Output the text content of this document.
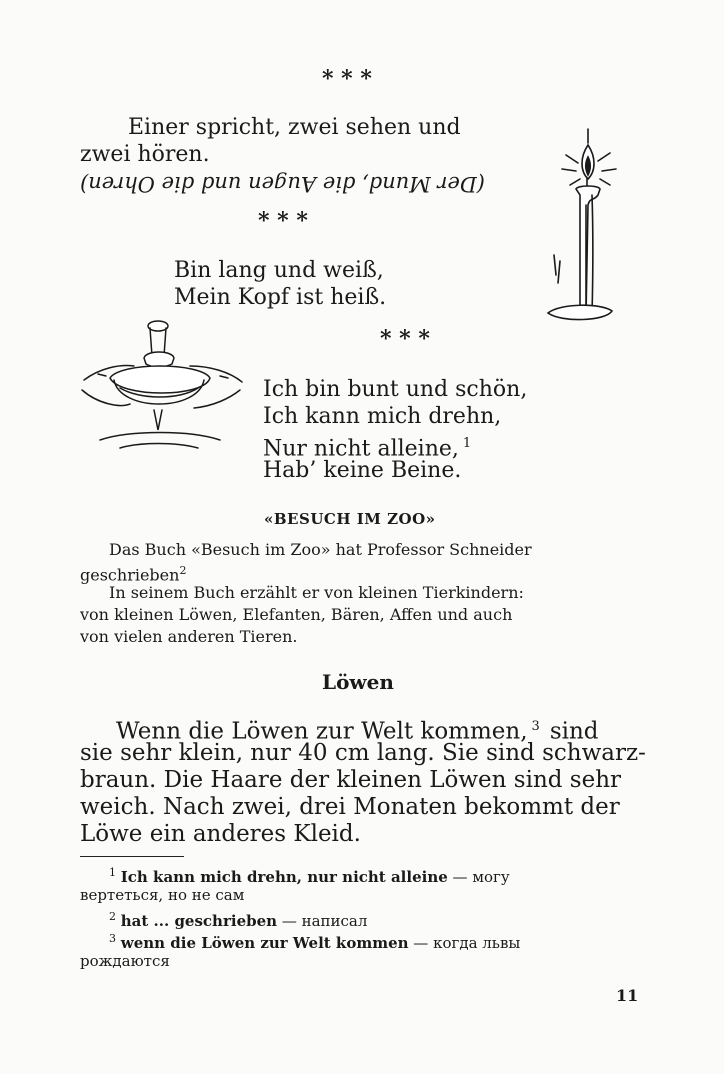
* * *
Einer spricht, zwei sehen und
zwei hören.
(Der Mund, die Augen und die Ohren)
* * *
Bin lang und weiß,
Mein Kopf ist heiß.
* * *
Ich bin bunt und schön,
Ich kann mich drehn,
Nur nicht alleine, $^1$
Hab’ keine Beine.
«BESUCH IM ZOO»
Das Buch «Besuch im Zoo» hat Professor Schneider
geschrieben$^2$
In seinem Buch erzählt er von kleinen Tierkindern:
von kleinen Löwen, Elefanten, Bären, Affen und auch
von vielen anderen Tieren.
Löwen
Wenn die Löwen zur Welt kommen, $^3$ sind
sie sehr klein, nur 40 cm lang. Sie sind schwarz-
braun. Die Haare der kleinen Löwen sind sehr
weich. Nach zwei, drei Monaten bekommt der
Löwe ein anderes Kleid.
$^1$ Ich kann mich drehn, nur nicht alleine — могу
вертеться, но не сам
$^2$ hat ... geschrieben — написал
$^3$ wenn die Löwen zur Welt kommen — когда львы
рождаются
11
